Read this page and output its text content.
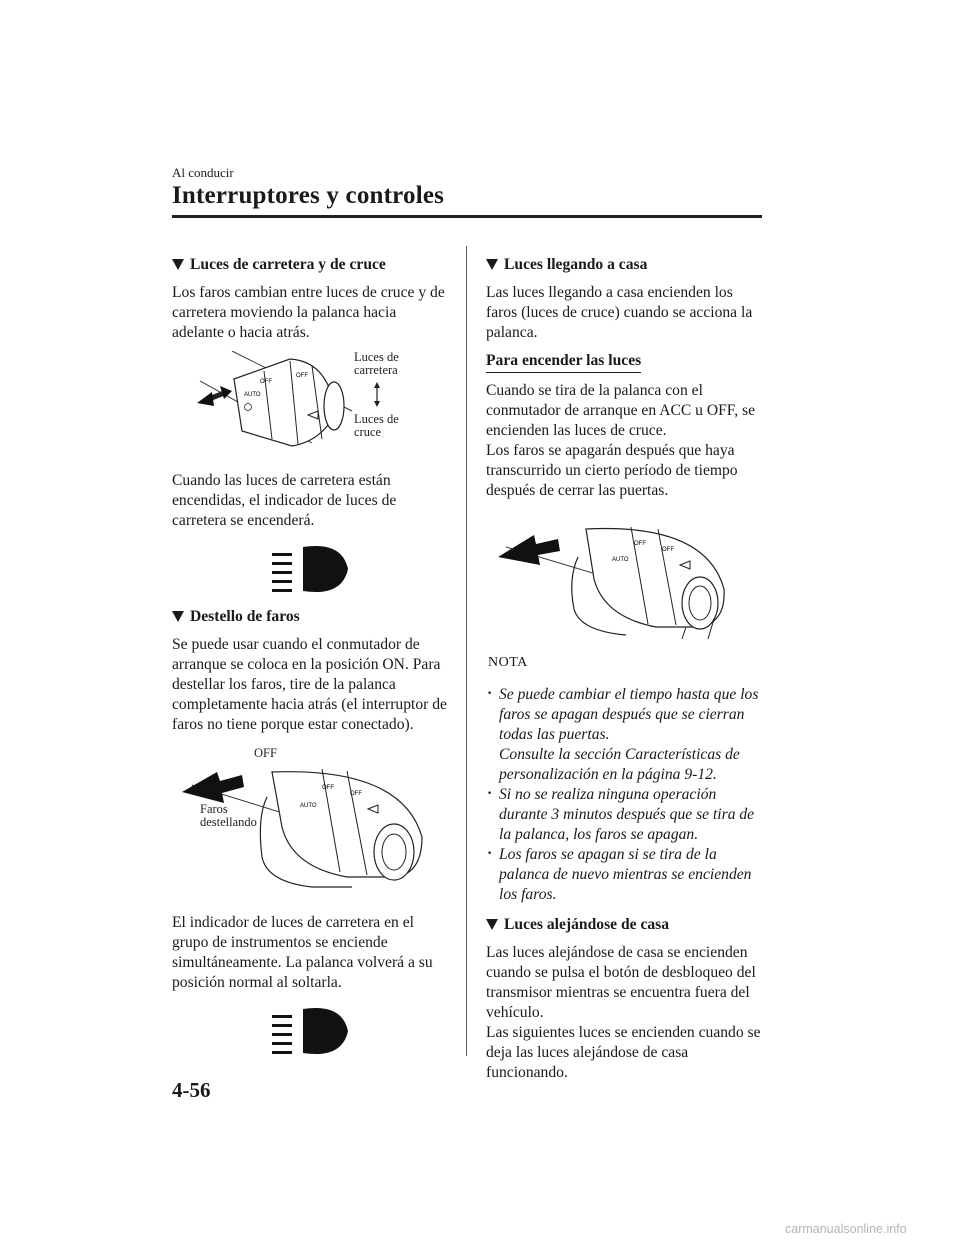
Al conducir
Interruptores y controles
Luces de carretera y de cruce

Los faros cambian entre luces de cruce y de carretera moviendo la palanca hacia adelante o hacia atrás.

OFF
AUTO
OFF
Luces de carretera
Luces de cruce

Cuando las luces de carretera están encendidas, el indicador de luces de carretera se encenderá.

Destello de faros

Se puede usar cuando el conmutador de arranque se coloca en la posición ON. Para destellar los faros, tire de la palanca completamente hacia atrás (el interruptor de faros no tiene porque estar conectado).

OFF
AUTO
OFF
OFF
Faros destellando

El indicador de luces de carretera en el grupo de instrumentos se enciende simultáneamente. La palanca volverá a su posición normal al soltarla.

Luces llegando a casa

Las luces llegando a casa encienden los faros (luces de cruce) cuando se acciona la palanca.

Para encender las luces

Cuando se tira de la palanca con el conmutador de arranque en ACC u OFF, se encienden las luces de cruce.

Los faros se apagarán después que haya transcurrido un cierto período de tiempo después de cerrar las puertas.

OFF
AUTO
OFF
NOTA
· Se puede cambiar el tiempo hasta que los faros se apagan después que se cierran todas las puertas.
Consulte la sección Características de personalización en la página 9-12.
· Si no se realiza ninguna operación durante 3 minutos después que se tira de la palanca, los faros se apagan.
· Los faros se apagan si se tira de la palanca de nuevo mientras se encienden los faros.
Luces alejándose de casa

Las luces alejándose de casa se encienden cuando se pulsa el botón de desbloqueo del transmisor mientras se encuentra fuera del vehículo.

Las siguientes luces se encienden cuando se deja las luces alejándose de casa funcionando.

4-56
carmanualsonline.info
